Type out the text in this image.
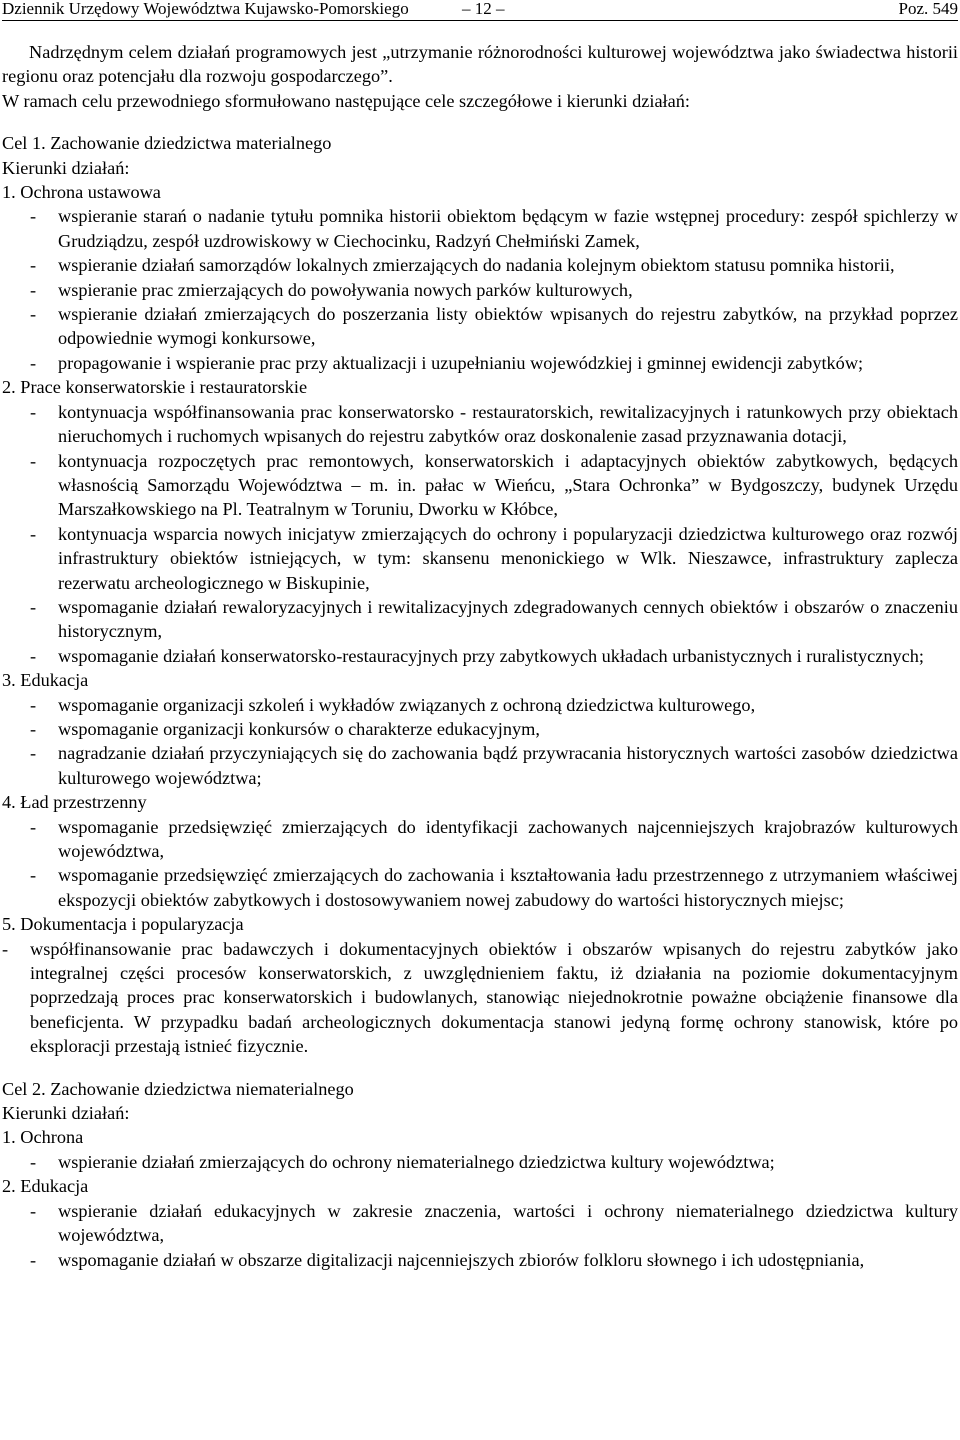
Dziennik Urzędowy Województwa Kujawsko-Pomorskiego	– 12 –	Poz. 549

Nadrzędnym celem działań programowych jest „utrzymanie różnorodności kulturowej województwa jako świadectwa historii regionu oraz potencjału dla rozwoju gospodarczego”.

W ramach celu przewodniego sformułowano następujące cele szczegółowe i kierunki działań:

Cel 1. Zachowanie dziedzictwa materialnego

Kierunki działań:

1. Ochrona ustawowa

- wspieranie starań o nadanie tytułu pomnika historii obiektom będącym w fazie wstępnej procedury: zespół spichlerzy w Grudziądzu, zespół uzdrowiskowy w Ciechocinku, Radzyń Chełmiński Zamek,
- wspieranie działań samorządów lokalnych zmierzających do nadania kolejnym obiektom statusu pomnika historii,
- wspieranie prac zmierzających do powoływania nowych parków kulturowych,
- wspieranie działań zmierzających do poszerzania listy obiektów wpisanych do rejestru zabytków, na przykład poprzez odpowiednie wymogi konkursowe,
- propagowanie i wspieranie prac przy aktualizacji i uzupełnianiu wojewódzkiej i gminnej ewidencji zabytków;

2. Prace konserwatorskie i restauratorskie

- kontynuacja współfinansowania prac konserwatorsko - restauratorskich, rewitalizacyjnych i ratunkowych przy obiektach nieruchomych i ruchomych wpisanych do rejestru zabytków oraz doskonalenie zasad przyznawania dotacji,
- kontynuacja rozpoczętych prac remontowych, konserwatorskich i adaptacyjnych obiektów zabytkowych, będących własnością Samorządu Województwa – m. in. pałac w Wieńcu, „Stara Ochronka” w Bydgoszczy, budynek Urzędu Marszałkowskiego na Pl. Teatralnym w Toruniu, Dworku w Kłóbce,
- kontynuacja wsparcia nowych inicjatyw zmierzających do ochrony i popularyzacji dziedzictwa kulturowego oraz rozwój infrastruktury obiektów istniejących, w tym: skansenu menonickiego w Wlk. Nieszawce, infrastruktury zaplecza rezerwatu archeologicznego w Biskupinie,
- wspomaganie działań rewaloryzacyjnych i rewitalizacyjnych zdegradowanych cennych obiektów i obszarów o znaczeniu historycznym,
- wspomaganie działań konserwatorsko-restauracyjnych przy zabytkowych układach urbanistycznych i ruralistycznych;

3. Edukacja

- wspomaganie organizacji szkoleń i wykładów związanych z ochroną dziedzictwa kulturowego,
- wspomaganie organizacji konkursów o charakterze edukacyjnym,
- nagradzanie działań przyczyniających się do zachowania bądź przywracania historycznych wartości zasobów dziedzictwa kulturowego województwa;

4. Ład przestrzenny

- wspomaganie przedsięwzięć zmierzających do identyfikacji zachowanych najcenniejszych krajobrazów kulturowych województwa,
- wspomaganie przedsięwzięć zmierzających do zachowania i kształtowania ładu przestrzennego z utrzymaniem właściwej ekspozycji obiektów zabytkowych i dostosowywaniem nowej zabudowy do wartości historycznych miejsc;

5. Dokumentacja i popularyzacja

- współfinansowanie prac badawczych i dokumentacyjnych obiektów i obszarów wpisanych do rejestru zabytków jako integralnej części procesów konserwatorskich, z uwzględnieniem faktu, iż działania na poziomie dokumentacyjnym poprzedzają proces prac konserwatorskich i budowlanych, stanowiąc niejednokrotnie poważne obciążenie finansowe dla beneficjenta. W przypadku badań archeologicznych dokumentacja stanowi jedyną formę ochrony stanowisk, które po eksploracji przestają istnieć fizycznie.

Cel 2. Zachowanie dziedzictwa niematerialnego

Kierunki działań:

1. Ochrona

- wspieranie działań zmierzających do ochrony niematerialnego dziedzictwa kultury województwa;

2. Edukacja

- wspieranie działań edukacyjnych w zakresie znaczenia, wartości i ochrony niematerialnego dziedzictwa kultury województwa,
- wspomaganie działań w obszarze digitalizacji najcenniejszych zbiorów folkloru słownego i ich udostępniania,
